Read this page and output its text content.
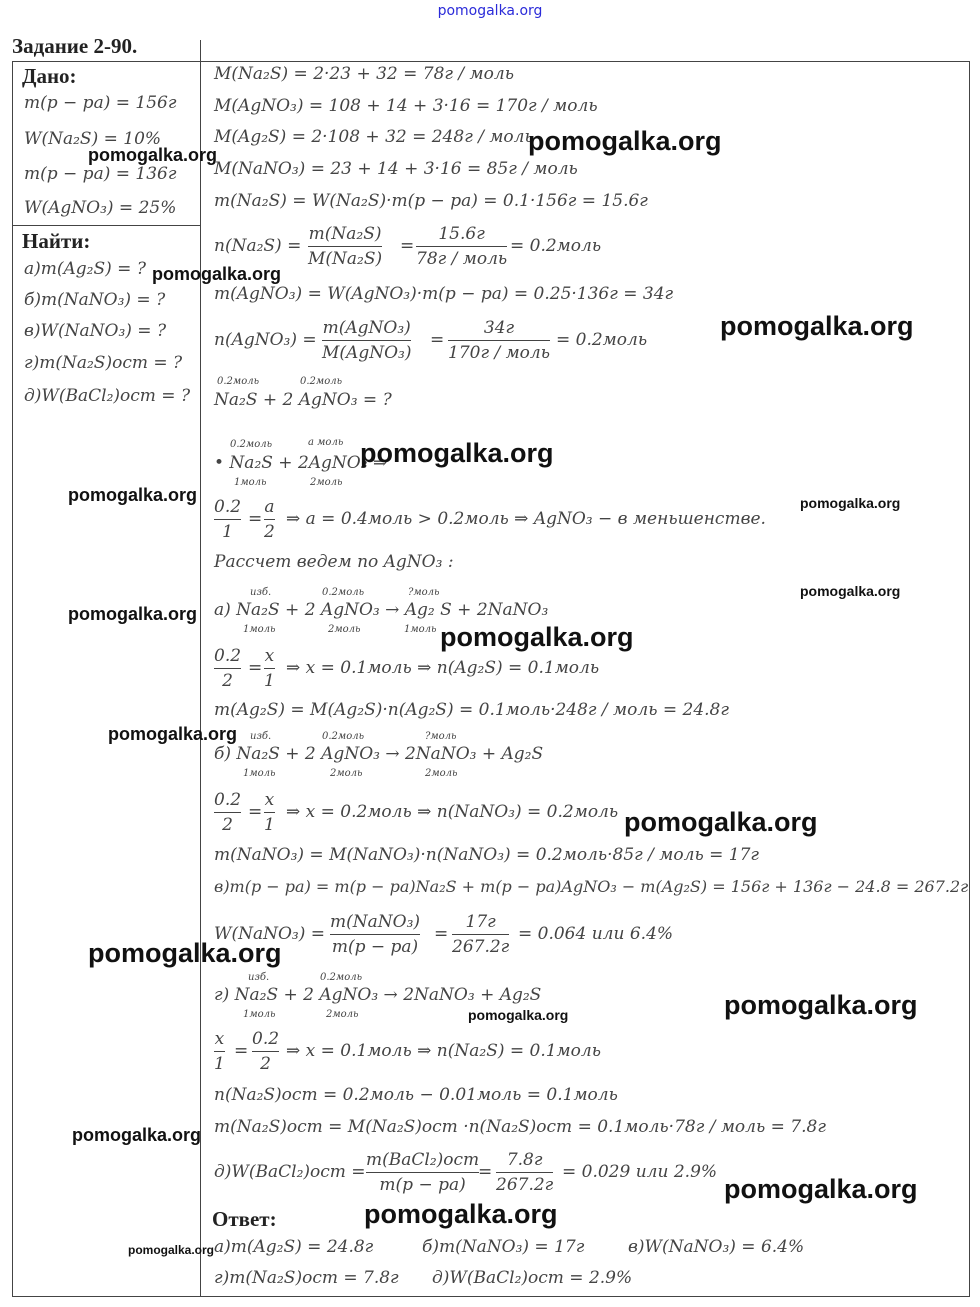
pomogalka.org
Задание 2-90.
Дано:
m(p − pa) = 156г
W(Na₂S) = 10%
m(p − pa) = 136г
W(AgNO₃) = 25%
Найти:
а)m(Ag₂S) = ?
б)m(NaNO₃) = ?
в)W(NaNO₃) = ?
г)m(Na₂S)ост = ?
д)W(BaCl₂)ост = ?
M(Na₂S) = 2·23 + 32 = 78г / моль
M(AgNO₃) = 108 + 14 + 3·16 = 170г / моль
M(Ag₂S) = 2·108 + 32 = 248г / моль
M(NaNO₃) = 23 + 14 + 3·16 = 85г / моль
m(Na₂S) = W(Na₂S)·m(p − pa) = 0.1·156г = 15.6г
n(Na₂S) =
m(Na₂S)
M(Na₂S)
=
15.6г
78г / моль
= 0.2моль
m(AgNO₃) = W(AgNO₃)·m(p − pa) = 0.25·136г = 34г
n(AgNO₃) =
m(AgNO₃)
M(AgNO₃)
=
34г
170г / моль
= 0.2моль
0.2моль	0.2моль
Na₂S + 2 AgNO₃ = ?
0.2моль	a моль
• Na₂S + 2AgNO₃ ⇒
1моль	2моль
0.2
1
=
a
2
⇒ a = 0.4моль > 0.2моль ⇒ AgNO₃ − в меньшенстве.
Рассчет ведем по AgNO₃ :
изб.	0.2моль	?моль
а) Na₂S + 2 AgNO₃ → Ag₂ S + 2NaNO₃
1моль	2моль	1моль
0.2
2
=
x
1
⇒ x = 0.1моль ⇒ n(Ag₂S) = 0.1моль
m(Ag₂S) = M(Ag₂S)·n(Ag₂S) = 0.1моль·248г / моль = 24.8г
изб.	0.2моль	?моль
б) Na₂S + 2 AgNO₃ → 2NaNO₃ + Ag₂S
1моль	2моль	2моль
0.2
2
=
x
1
⇒ x = 0.2моль ⇒ n(NaNO₃) = 0.2моль
m(NaNO₃) = M(NaNO₃)·n(NaNO₃) = 0.2моль·85г / моль = 17г
в)m(p − pa) = m(p − pa)Na₂S + m(p − pa)AgNO₃ − m(Ag₂S) = 156г + 136г − 24.8 = 267.2г
W(NaNO₃) =
m(NaNO₃)
m(p − pa)
=
17г
267.2г
= 0.064 или 6.4%
изб.	0.2моль
г) Na₂S + 2 AgNO₃ → 2NaNO₃ + Ag₂S
1моль	2моль
x
1
=
0.2
2
⇒ x = 0.1моль ⇒ n(Na₂S) = 0.1моль
n(Na₂S)ост = 0.2моль − 0.01моль = 0.1моль
m(Na₂S)ост = M(Na₂S)ост ·n(Na₂S)ост = 0.1моль·78г / моль = 7.8г
д)W(BaCl₂)ост =
m(BaCl₂)ост
m(p − pa)
=
7.8г
267.2г
= 0.029 или 2.9%
Ответ:
а)m(Ag₂S) = 24.8г	б)m(NaNO₃) = 17г	в)W(NaNO₃) = 6.4%
г)m(Na₂S)ост = 7.8г д)W(BaCl₂)ост = 2.9%
pomogalka.org
pomogalka.org
pomogalka.org
pomogalka.org
pomogalka.org
pomogalka.org	pomogalka.org
pomogalka.org
pomogalka.org
pomogalka.org
pomogalka.org
pomogalka.org
pomogalka.org
pomogalka.org
pomogalka.org
pomogalka.org
pomogalka.org
pomogalka.org
pomogalka.org
